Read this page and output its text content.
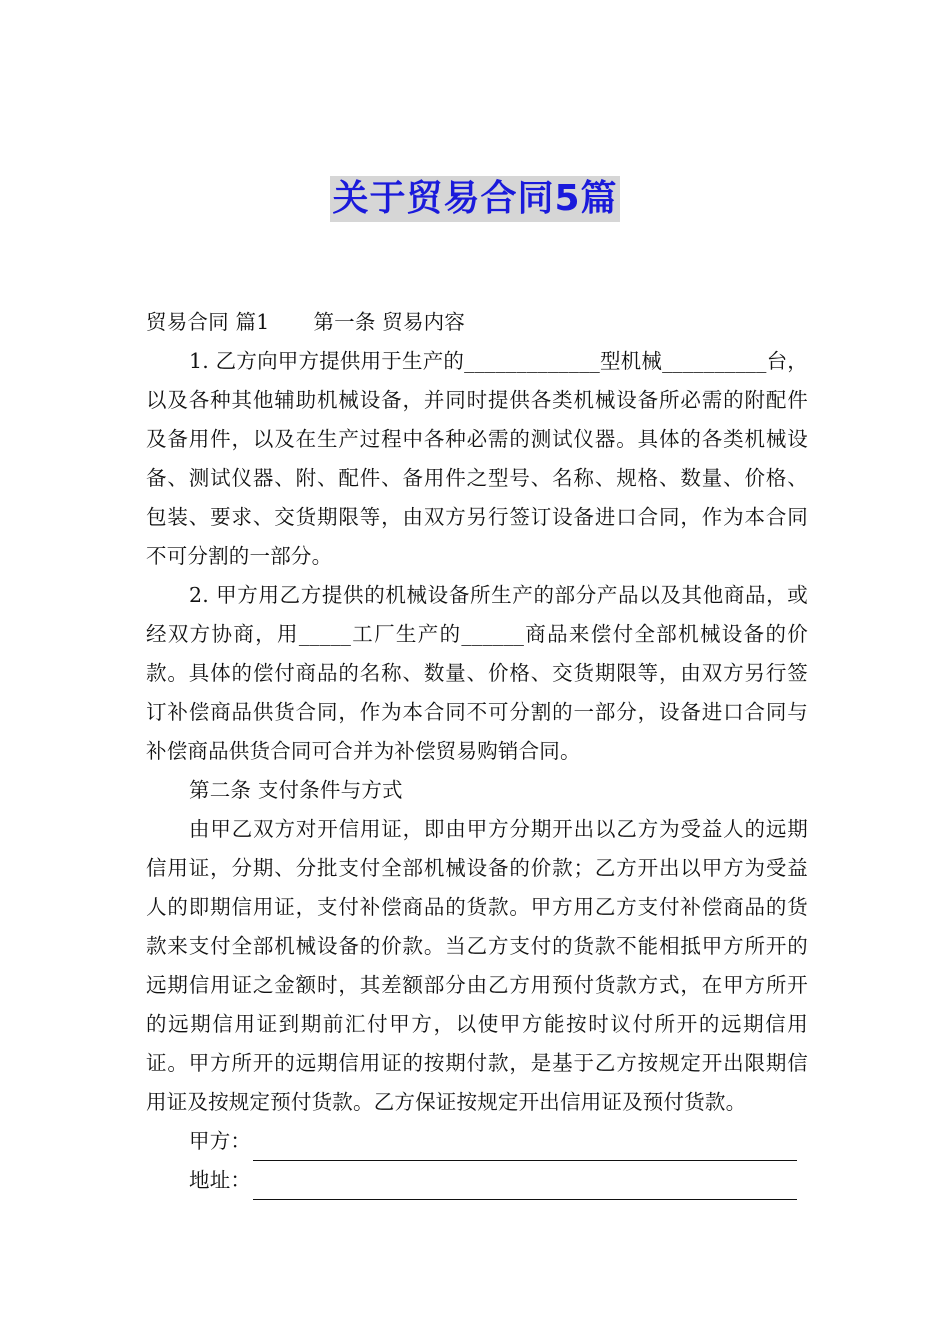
关于贸易合同5篇

贸易合同 篇1 第一条 贸易内容

1. 乙方向甲方提供用于生产的_____________型机械__________台，以及各种其他辅助机械设备，并同时提供各类机械设备所必需的附配件及备用件，以及在生产过程中各种必需的测试仪器。具体的各类机械设备、测试仪器、附、配件、备用件之型号、名称、规格、数量、价格、包装、要求、交货期限等，由双方另行签订设备进口合同，作为本合同不可分割的一部分。

2. 甲方用乙方提供的机械设备所生产的部分产品以及其他商品，或经双方协商，用_____工厂生产的______商品来偿付全部机械设备的价款。具体的偿付商品的名称、数量、价格、交货期限等，由双方另行签订补偿商品供货合同，作为本合同不可分割的一部分，设备进口合同与补偿商品供货合同可合并为补偿贸易购销合同。

第二条 支付条件与方式

由甲乙双方对开信用证，即由甲方分期开出以乙方为受益人的远期信用证，分期、分批支付全部机械设备的价款；乙方开出以甲方为受益人的即期信用证，支付补偿商品的货款。甲方用乙方支付补偿商品的货款来支付全部机械设备的价款。当乙方支付的货款不能相抵甲方所开的远期信用证之金额时，其差额部分由乙方用预付货款方式，在甲方所开的远期信用证到期前汇付甲方，以使甲方能按时议付所开的远期信用证。甲方所开的远期信用证的按期付款，是基于乙方按规定开出限期信用证及按规定预付货款。乙方保证按规定开出信用证及预付货款。

甲方：
地址：
